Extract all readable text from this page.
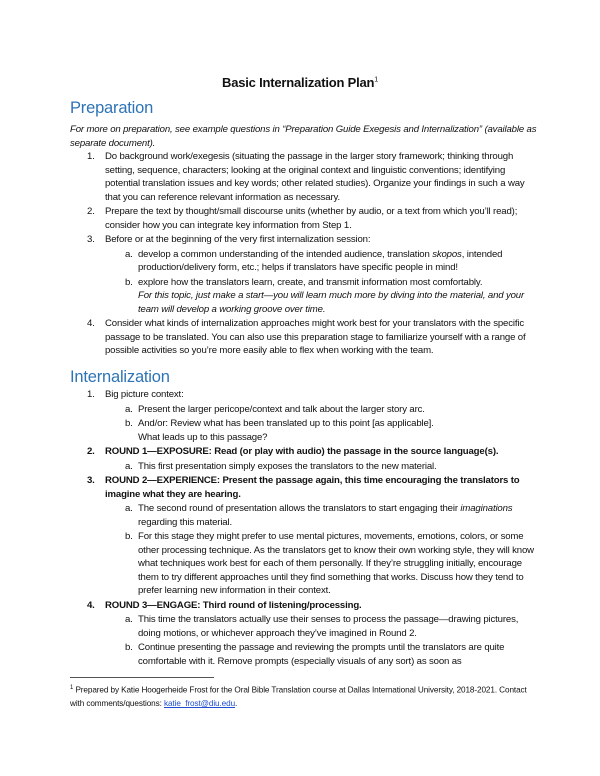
Basic Internalization Plan$^1$
Preparation

For more on preparation, see example questions in “Preparation Guide Exegesis and Internalization” (available as separate document).

1. Do background work/exegesis (situating the passage in the larger story framework; thinking through setting, sequence, characters; looking at the original context and linguistic conventions; identifying potential translation issues and key words; other related studies). Organize your findings in such a way that you can reference relevant information as necessary.
2. Prepare the text by thought/small discourse units (whether by audio, or a text from which you’ll read); consider how you can integrate key information from Step 1.
3. Before or at the beginning of the very first internalization session:
a. develop a common understanding of the intended audience, translation skopos, intended production/delivery form, etc.; helps if translators have specific people in mind!
b. explore how the translators learn, create, and transmit information most comfortably.
For this topic, just make a start—you will learn much more by diving into the material, and your team will develop a working groove over time.
4. Consider what kinds of internalization approaches might work best for your translators with the specific passage to be translated. You can also use this preparation stage to familiarize yourself with a range of possible activities so you’re more easily able to flex when working with the team.
Internalization
1. Big picture context:
a. Present the larger pericope/context and talk about the larger story arc.
b. And/or: Review what has been translated up to this point [as applicable].
What leads up to this passage?
2. ROUND 1—EXPOSURE: Read (or play with audio) the passage in the source language(s).
a. This first presentation simply exposes the translators to the new material.
3. ROUND 2—EXPERIENCE: Present the passage again, this time encouraging the translators to imagine what they are hearing.
a. The second round of presentation allows the translators to start engaging their imaginations regarding this material.
b. For this stage they might prefer to use mental pictures, movements, emotions, colors, or some other processing technique. As the translators get to know their own working style, they will know what techniques work best for each of them personally. If they’re struggling initially, encourage them to try different approaches until they find something that works. Discuss how they tend to prefer learning new information in their context.
4. ROUND 3—ENGAGE: Third round of listening/processing.
a. This time the translators actually use their senses to process the passage—drawing pictures, doing motions, or whichever approach they’ve imagined in Round 2.
b. Continue presenting the passage and reviewing the prompts until the translators are quite comfortable with it. Remove prompts (especially visuals of any sort) as soon as
$^1$ Prepared by Katie Hoogerheide Frost for the Oral Bible Translation course at Dallas International University, 2018-2021. Contact with comments/questions: katie_frost@diu.edu.
